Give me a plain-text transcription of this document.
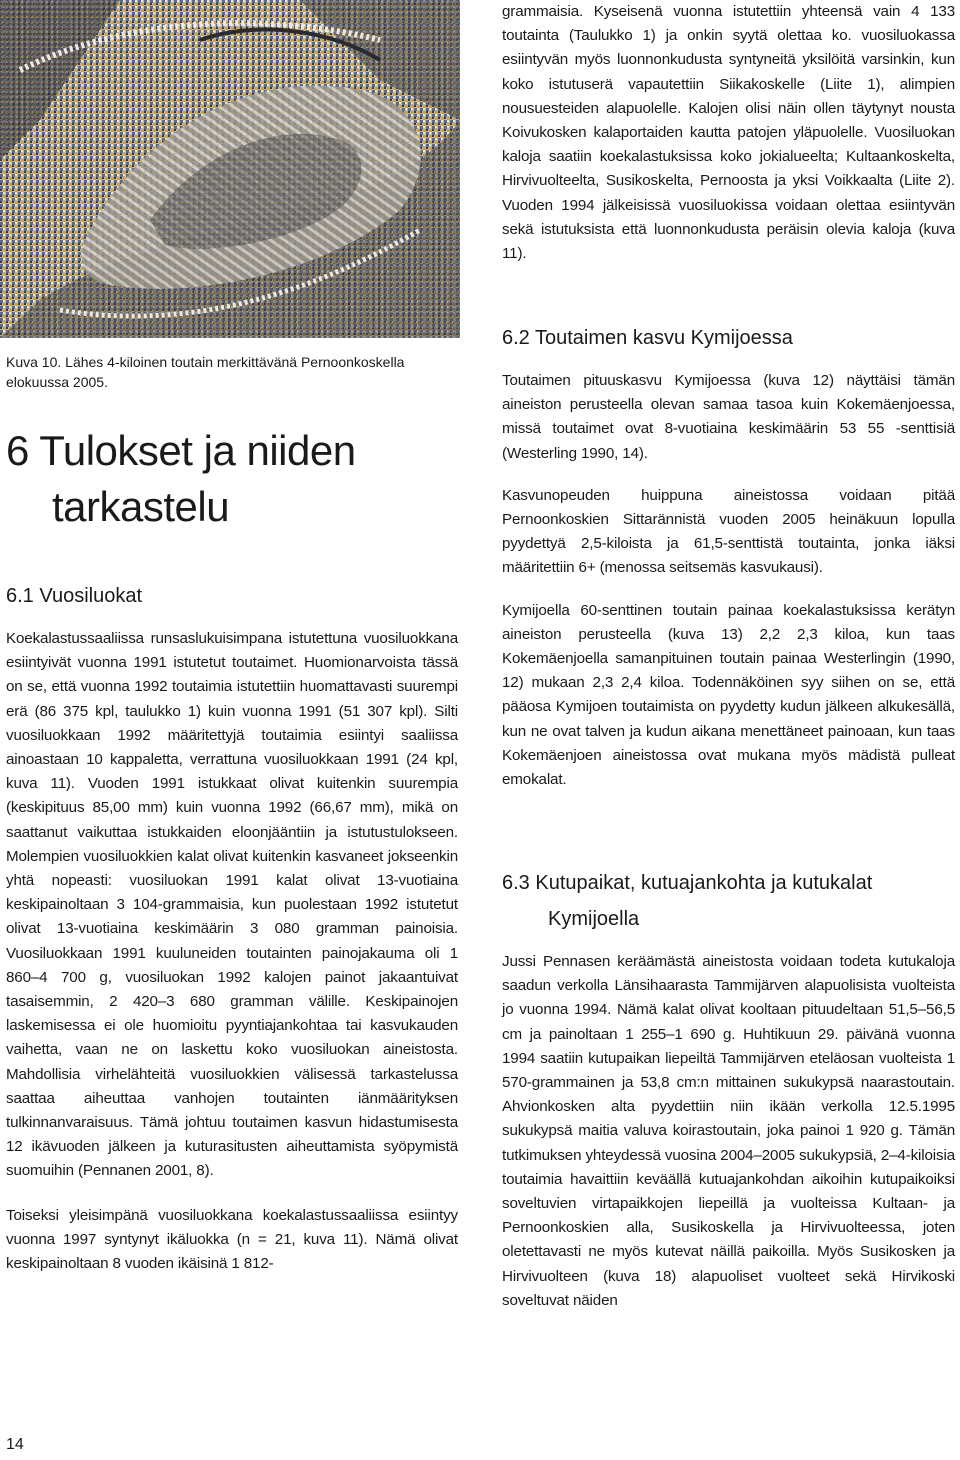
Kuva 10. Lähes 4-kiloinen toutain merkittävänä Pernoonkoskella elokuussa 2005.

6 Tulokset ja niiden
tarkastelu
6.1 Vuosiluokat

Koekalastussaaliissa runsaslukuisimpana istutettuna vuosiluokkana esiintyivät vuonna 1991 istutetut toutaimet. Huomionarvoista tässä on se, että vuonna 1992 toutaimia istutettiin huomattavasti suurempi erä (86 375 kpl, taulukko 1) kuin vuonna 1991 (51 307 kpl). Silti vuosiluokkaan 1992 määritettyjä toutaimia esiintyi saaliissa ainoastaan 10 kappaletta, verrattuna vuosiluokkaan 1991 (24 kpl, kuva 11). Vuoden 1991 istukkaat olivat kuitenkin suurempia (keskipituus 85,00 mm) kuin vuonna 1992 (66,67 mm), mikä on saattanut vaikuttaa istukkaiden eloonjääntiin ja istutustulokseen. Molempien vuosiluokkien kalat olivat kuitenkin kasvaneet jokseenkin yhtä nopeasti: vuosiluokan 1991 kalat olivat 13-vuotiaina keskipainoltaan 3 104-grammaisia, kun puolestaan 1992 istutetut olivat 13-vuotiaina keskimäärin 3 080 gramman painoisia. Vuosiluokkaan 1991 kuuluneiden toutainten painojakauma oli 1 860–4 700 g, vuosiluokan 1992 kalojen painot jakaantuivat tasaisemmin, 2 420–3 680 gramman välille. Keskipainojen laskemisessa ei ole huomioitu pyyntiajankohtaa tai kasvukauden vaihetta, vaan ne on laskettu koko vuosiluokan aineistosta. Mahdollisia virhelähteitä vuosiluokkien välisessä tarkastelussa saattaa aiheuttaa vanhojen toutainten iänmäärityksen tulkinnanvaraisuus. Tämä johtuu toutaimen kasvun hidastumisesta 12 ikävuoden jälkeen ja kuturasitusten aiheuttamista syöpymistä suomuihin (Pennanen 2001, 8).

Toiseksi yleisimpänä vuosiluokkana koekalastussaaliissa esiintyy vuonna 1997 syntynyt ikäluokka (n = 21, kuva 11). Nämä olivat keskipainoltaan 8 vuoden ikäisinä 1 812-

14

grammaisia. Kyseisenä vuonna istutettiin yhteensä vain 4 133 toutainta (Taulukko 1) ja onkin syytä olettaa ko. vuosiluokassa esiintyvän myös luonnonkudusta syntyneitä yksilöitä varsinkin, kun koko istutuserä vapautettiin Siikakoskelle (Liite 1), alimpien nousuesteiden alapuolelle. Kalojen olisi näin ollen täytynyt nousta Koivukosken kalaportaiden kautta patojen yläpuolelle. Vuosiluokan kaloja saatiin koekalastuksissa koko jokialueelta; Kultaankoskelta, Hirvivuolteelta, Susikoskelta, Pernoosta ja yksi Voikkaalta (Liite 2). Vuoden 1994 jälkeisissä vuosiluokissa voidaan olettaa esiintyvän sekä istutuksista että luonnonkudusta peräisin olevia kaloja (kuva 11).

6.2 Toutaimen kasvu Kymijoessa

Toutaimen pituuskasvu Kymijoessa (kuva 12) näyttäisi tämän aineiston perusteella olevan samaa tasoa kuin Kokemäenjoessa, missä toutaimet ovat 8-vuotiaina keskimäärin 53 55 -senttisiä (Westerling 1990, 14).

Kasvunopeuden huippuna aineistossa voidaan pitää Pernoonkoskien Sittarännistä vuoden 2005 heinäkuun lopulla pyydettyä 2,5-kiloista ja 61,5-senttistä toutainta, jonka iäksi määritettiin 6+ (menossa seitsemäs kasvukausi).

Kymijoella 60-senttinen toutain painaa koekalastuksissa kerätyn aineiston perusteella (kuva 13) 2,2 2,3 kiloa, kun taas Kokemäenjoella samanpituinen toutain painaa Westerlingin (1990, 12) mukaan 2,3 2,4 kiloa. Todennäköinen syy siihen on se, että pääosa Kymijoen toutaimista on pyydetty kudun jälkeen alkukesällä, kun ne ovat talven ja kudun aikana menettäneet painoaan, kun taas Kokemäenjoen aineistossa ovat mukana myös mädistä pulleat emokalat.

6.3 Kutupaikat, kutuajankohta ja kutukalat
Kymijoella

Jussi Pennasen keräämästä aineistosta voidaan todeta kutukaloja saadun verkolla Länsihaarasta Tammijärven alapuolisista vuolteista jo vuonna 1994. Nämä kalat olivat kooltaan pituudeltaan 51,5–56,5 cm ja painoltaan 1 255–1 690 g. Huhtikuun 29. päivänä vuonna 1994 saatiin kutupaikan liepeiltä Tammijärven eteläosan vuolteista 1 570-grammainen ja 53,8 cm:n mittainen sukukypsä naarastoutain. Ahvionkosken alta pyydettiin niin ikään verkolla 12.5.1995 sukukypsä maitia valuva koirastoutain, joka painoi 1 920 g. Tämän tutkimuksen yhteydessä vuosina 2004–2005 sukukypsiä, 2–4-kiloisia toutaimia havaittiin keväällä kutuajankohdan aikoihin kutupaikoiksi soveltuvien virtapaikkojen liepeillä ja vuolteissa Kultaan- ja Pernoonkoskien alla, Susikoskella ja Hirvivuolteessa, joten oletettavasti ne myös kutevat näillä paikoilla. Myös Susikosken ja Hirvivuolteen (kuva 18) alapuoliset vuolteet sekä Hirvikoski soveltuvat näiden
